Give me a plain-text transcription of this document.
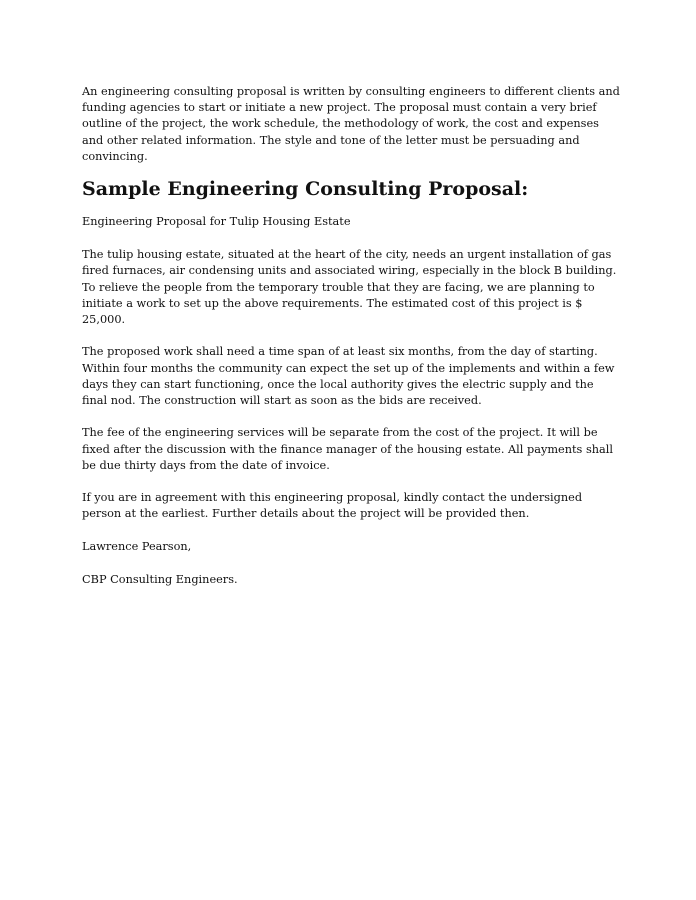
An engineering consulting proposal is written by consulting engineers to different clients and funding agencies to start or initiate a new project. The proposal must contain a very brief outline of the project, the work schedule, the methodology of work, the cost and expenses and other related information. The style and tone of the letter must be persuading and convincing.

Sample Engineering Consulting Proposal:

Engineering Proposal for Tulip Housing Estate

The tulip housing estate, situated at the heart of the city, needs an urgent installation of gas fired furnaces, air condensing units and associated wiring, especially in the block B building. To relieve the people from the temporary trouble that they are facing, we are planning to initiate a work to set up the above requirements. The estimated cost of this project is $ 25,000.

The proposed work shall need a time span of at least six months, from the day of starting. Within four months the community can expect the set up of the implements and within a few days they can start functioning, once the local authority gives the electric supply and the final nod. The construction will start as soon as the bids are received.

The fee of the engineering services will be separate from the cost of the project. It will be fixed after the discussion with the finance manager of the housing estate. All payments shall be due thirty days from the date of invoice.

If you are in agreement with this engineering proposal, kindly contact the undersigned person at the earliest. Further details about the project will be provided then.

Lawrence Pearson,

CBP Consulting Engineers.
